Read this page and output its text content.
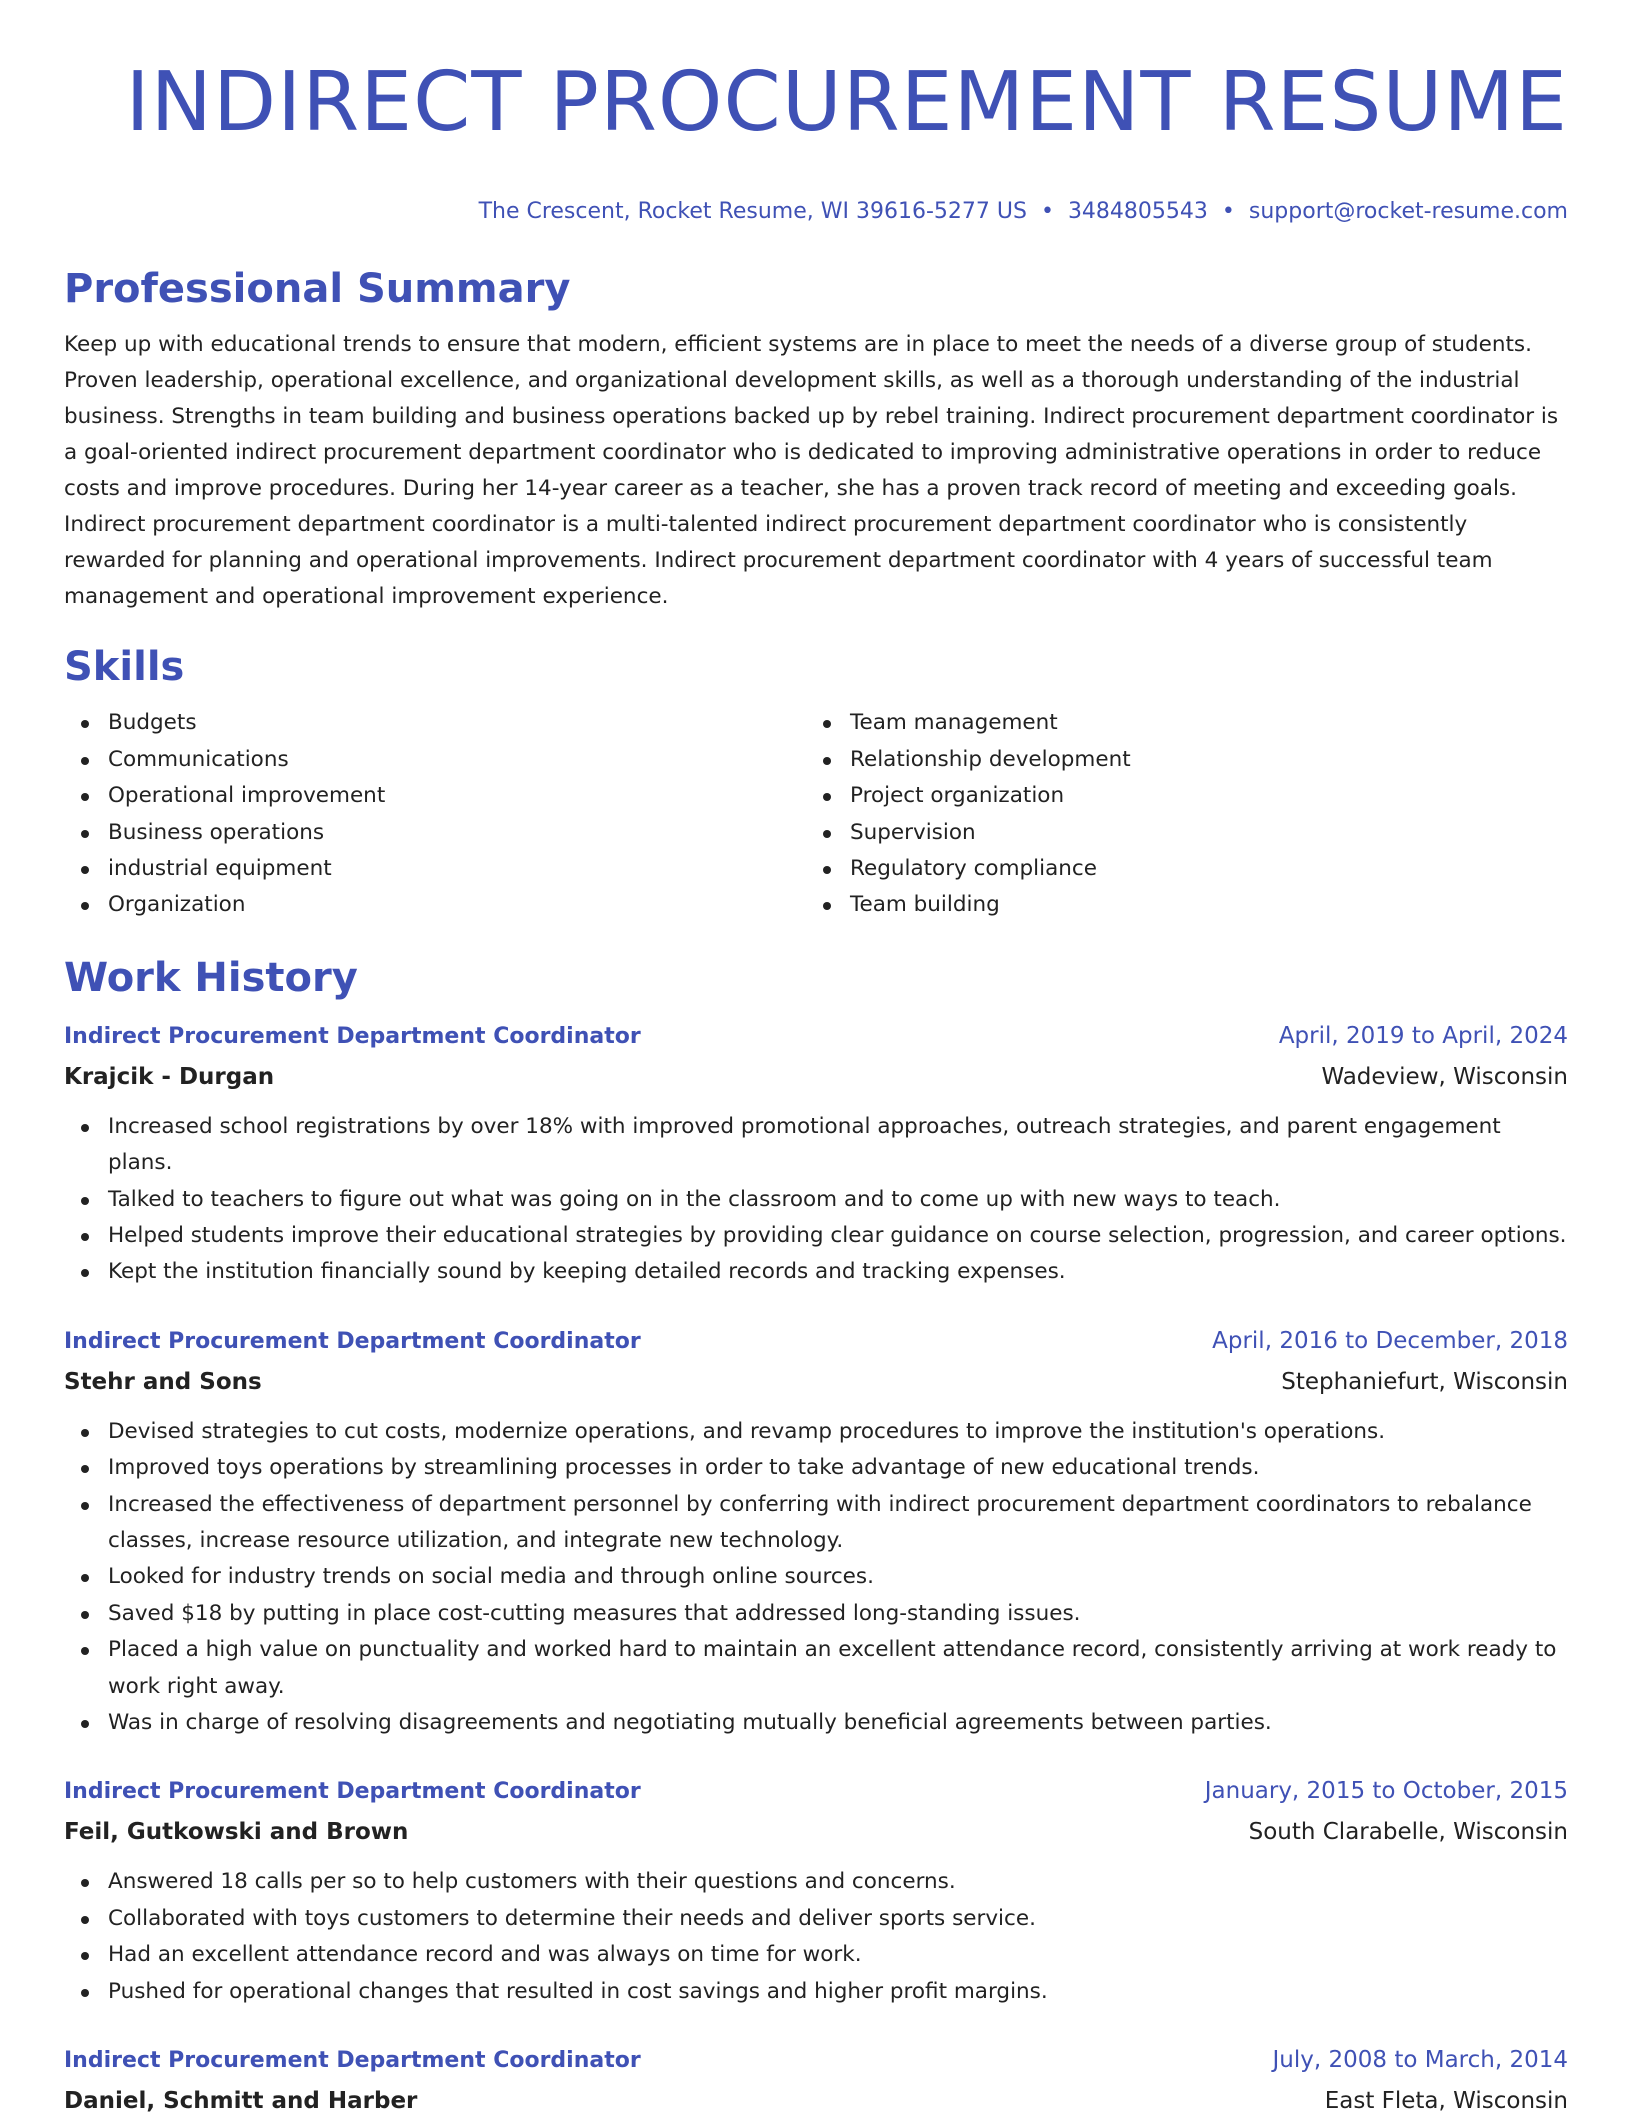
INDIRECT PROCUREMENT RESUME
The Crescent, Rocket Resume, WI 39616-5277 US • 3484805543 • support@rocket-resume.com
Professional Summary

Keep up with educational trends to ensure that modern, efficient systems are in place to meet the needs of a diverse group of students. Proven leadership, operational excellence, and organizational development skills, as well as a thorough understanding of the industrial business. Strengths in team building and business operations backed up by rebel training. Indirect procurement department coordinator is a goal-oriented indirect procurement department coordinator who is dedicated to improving administrative operations in order to reduce costs and improve procedures. During her 14-year career as a teacher, she has a proven track record of meeting and exceeding goals. Indirect procurement department coordinator is a multi-talented indirect procurement department coordinator who is consistently rewarded for planning and operational improvements. Indirect procurement department coordinator with 4 years of successful team management and operational improvement experience.

Skills
Budgets
Communications
Operational improvement
Business operations
industrial equipment
Organization
Team management
Relationship development
Project organization
Supervision
Regulatory compliance
Team building
Work History
Indirect Procurement Department Coordinator	April, 2019 to April, 2024
Krajcik - Durgan	Wadeview, Wisconsin
Increased school registrations by over 18% with improved promotional approaches, outreach strategies, and parent engagement plans.
Talked to teachers to figure out what was going on in the classroom and to come up with new ways to teach.
Helped students improve their educational strategies by providing clear guidance on course selection, progression, and career options.
Kept the institution financially sound by keeping detailed records and tracking expenses.
Indirect Procurement Department Coordinator	April, 2016 to December, 2018
Stehr and Sons	Stephaniefurt, Wisconsin
Devised strategies to cut costs, modernize operations, and revamp procedures to improve the institution's operations.
Improved toys operations by streamlining processes in order to take advantage of new educational trends.
Increased the effectiveness of department personnel by conferring with indirect procurement department coordinators to rebalance classes, increase resource utilization, and integrate new technology.
Looked for industry trends on social media and through online sources.
Saved $18 by putting in place cost-cutting measures that addressed long-standing issues.
Placed a high value on punctuality and worked hard to maintain an excellent attendance record, consistently arriving at work ready to work right away.
Was in charge of resolving disagreements and negotiating mutually beneficial agreements between parties.
Indirect Procurement Department Coordinator	January, 2015 to October, 2015
Feil, Gutkowski and Brown	South Clarabelle, Wisconsin
Answered 18 calls per so to help customers with their questions and concerns.
Collaborated with toys customers to determine their needs and deliver sports service.
Had an excellent attendance record and was always on time for work.
Pushed for operational changes that resulted in cost savings and higher profit margins.
Indirect Procurement Department Coordinator	July, 2008 to March, 2014
Daniel, Schmitt and Harber	East Fleta, Wisconsin
